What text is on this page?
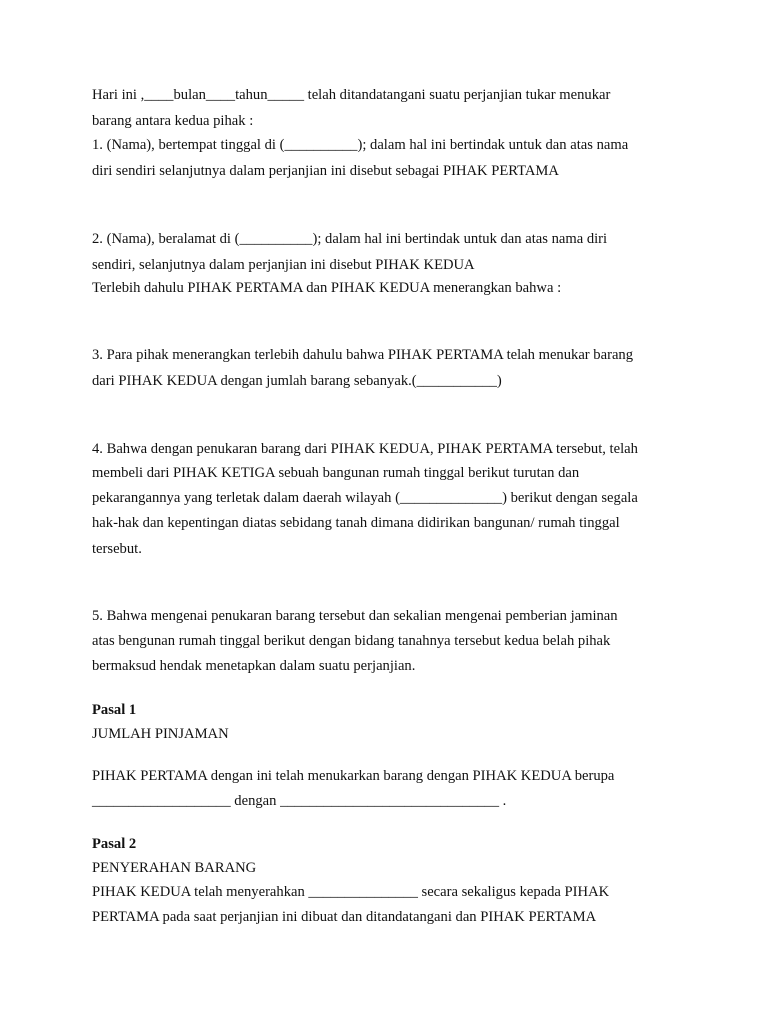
Hari ini ,____bulan____tahun_____ telah ditandatangani suatu perjanjian tukar menukar

barang antara kedua pihak :

1. (Nama), bertempat tinggal di (__________); dalam hal ini bertindak untuk dan atas nama

diri sendiri selanjutnya dalam perjanjian ini disebut sebagai PIHAK PERTAMA

2. (Nama), beralamat di (__________); dalam hal ini bertindak untuk dan atas nama diri

sendiri, selanjutnya dalam perjanjian ini disebut PIHAK KEDUA

Terlebih dahulu PIHAK PERTAMA dan PIHAK KEDUA menerangkan bahwa :

3. Para pihak menerangkan terlebih dahulu bahwa PIHAK PERTAMA telah menukar barang

dari PIHAK KEDUA dengan jumlah barang sebanyak.(___________)

4. Bahwa dengan penukaran barang dari PIHAK KEDUA, PIHAK PERTAMA tersebut, telah

membeli dari PIHAK KETIGA sebuah bangunan rumah tinggal berikut turutan dan

pekarangannya yang terletak dalam daerah wilayah (______________) berikut dengan segala

hak-hak dan kepentingan diatas sebidang tanah dimana didirikan bangunan/ rumah tinggal

tersebut.

5. Bahwa mengenai penukaran barang tersebut dan sekalian mengenai pemberian jaminan

atas bengunan rumah tinggal berikut dengan bidang tanahnya tersebut kedua belah pihak

bermaksud hendak menetapkan dalam suatu perjanjian.

Pasal 1

JUMLAH PINJAMAN

PIHAK PERTAMA dengan ini telah menukarkan barang dengan PIHAK KEDUA berupa

___________________ dengan ______________________________ .

Pasal 2

PENYERAHAN BARANG

PIHAK KEDUA telah menyerahkan _______________ secara sekaligus kepada PIHAK

PERTAMA pada saat perjanjian ini dibuat dan ditandatangani dan PIHAK PERTAMA
